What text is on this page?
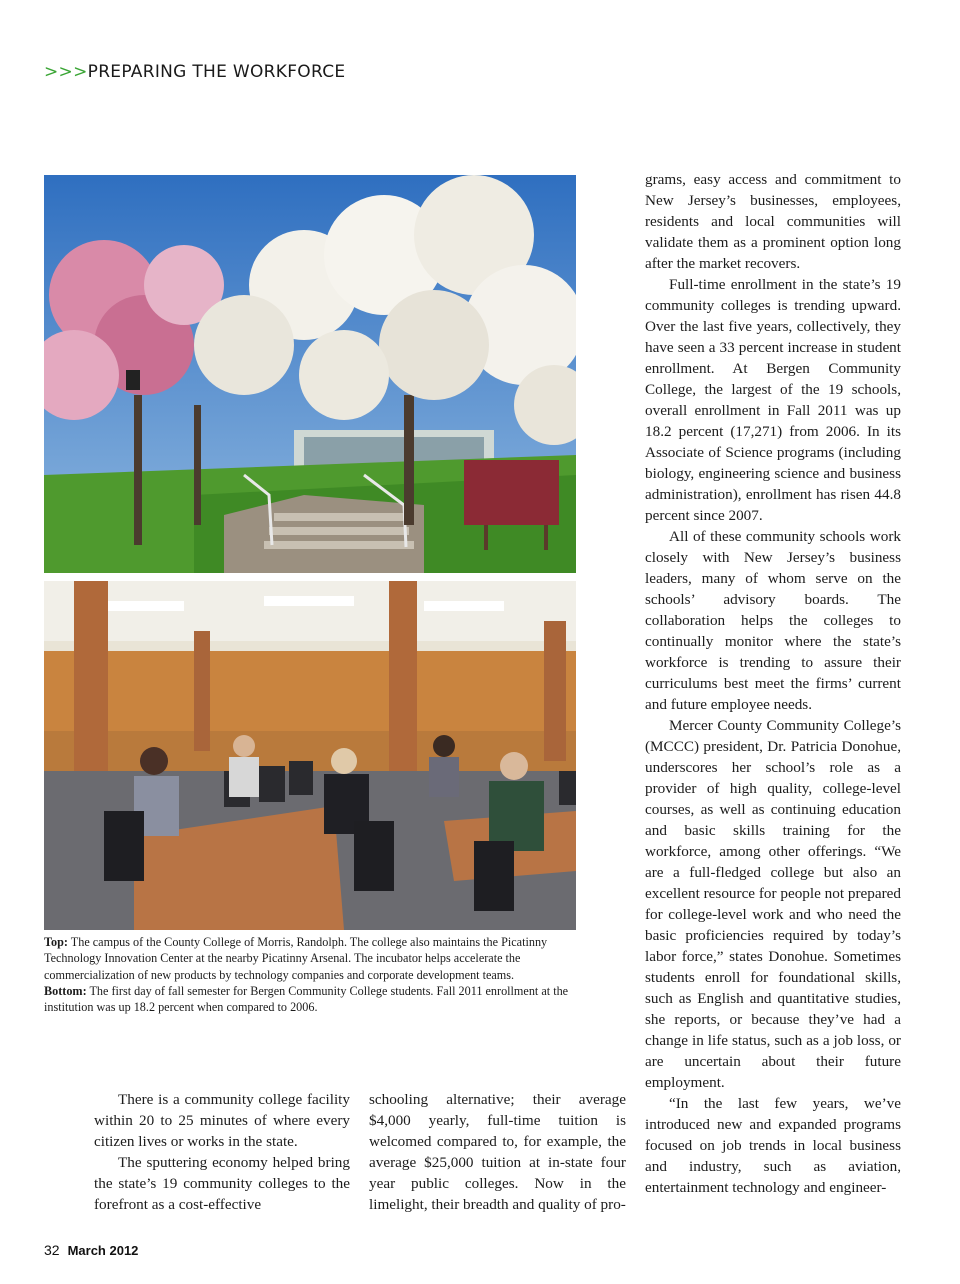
>>>PREPARING THE WORKFORCE

Top: The campus of the County College of Morris, Randolph. The college also maintains the Picatinny Technology Innovation Center at the nearby Picatinny Arsenal. The incubator helps accelerate the commercialization of new products by technology companies and corporate development teams.

Bottom: The first day of fall semester for Bergen Community College students. Fall 2011 enrollment at the institution was up 18.2 percent when compared to 2006.

grams, easy access and commitment to New Jersey’s businesses, employees, residents and local communities will validate them as a prominent option long after the market recovers.

Full-time enrollment in the state’s 19 community colleges is trending upward. Over the last five years, collectively, they have seen a 33 percent increase in student enrollment. At Bergen Community College, the largest of the 19 schools, overall enrollment in Fall 2011 was up 18.2 percent (17,271) from 2006. In its Associate of Science programs (including biology, engineering science and business administration), enrollment has risen 44.8 percent since 2007.

All of these community schools work closely with New Jersey’s business leaders, many of whom serve on the schools’ advisory boards. The collaboration helps the colleges to continually monitor where the state’s workforce is trending to assure their curriculums best meet the firms’ current and future employee needs.

Mercer County Community College’s (MCCC) president, Dr. Patricia Donohue, underscores her school’s role as a provider of high quality, college-level courses, as well as continuing education and basic skills training for the workforce, among other offerings. “We are a full-fledged college but also an excellent resource for people not prepared for college-level work and who need the basic proficiencies required by today’s labor force,” states Donohue. Sometimes students enroll for foundational skills, such as English and quantitative studies, she reports, or because they’ve had a change in life status, such as a job loss, or are uncertain about their future employment.

“In the last few years, we’ve introduced new and expanded programs focused on job trends in local business and industry, such as aviation, entertainment technology and engineer-

There is a community college facility within 20 to 25 minutes of where every citizen lives or works in the state.

The sputtering economy helped bring the state’s 19 community colleges to the forefront as a cost-effective

schooling alternative; their average $4,000 yearly, full-time tuition is welcomed compared to, for example, the average $25,000 tuition at in-state four year public colleges. Now in the limelight, their breadth and quality of pro-

32 March 2012
